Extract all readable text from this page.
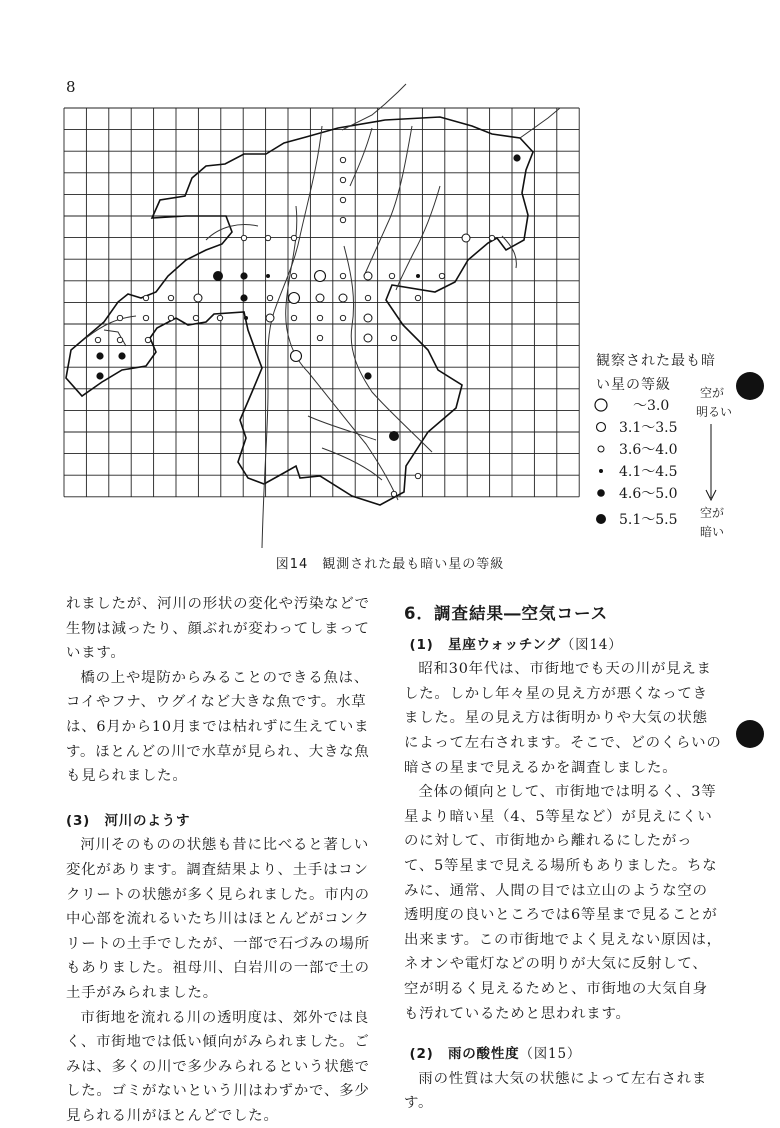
8
観察された最も暗
い星の等級
　～3.0
3.1～3.5
3.6～4.0
4.1～4.5
4.6～5.0
5.1～5.5
空が
明るい
空が
暗い
図14　観測された最も暗い星の等級

れましたが、河川の形状の変化や汚染などで生物は減ったり、顔ぶれが変わってしまっています。

橋の上や堤防からみることのできる魚は、コイやフナ、ウグイなど大きな魚です。水草は、6月から10月までは枯れずに生えています。ほとんどの川で水草が見られ、大きな魚も見られました。

(3)　 河川のようす

河川そのものの状態も昔に比べると著しい変化があります。調査結果より、土手はコンクリートの状態が多く見られました。市内の中心部を流れるいたち川はほとんどがコンクリートの土手でしたが、一部で石づみの場所もありました。祖母川、白岩川の一部で土の土手がみられました。

市街地を流れる川の透明度は、郊外では良く、市街地では低い傾向がみられました。ごみは、多くの川で多少みられるという状態でした。ゴミがないという川はわずかで、多少見られる川がほとんどでした。

6．調査結果―空気コース

(1)　 星座ウォッチング（図14）

昭和30年代は、市街地でも天の川が見えました。しかし年々星の見え方が悪くなってきました。星の見え方は街明かりや大気の状態によって左右されます。そこで、どのくらいの暗さの星まで見えるかを調査しました。

全体の傾向として、市街地では明るく、3等星より暗い星（4、5等星など）が見えにくいのに対して、市街地から離れるにしたがって、5等星まで見える場所もありました。ちなみに、通常、人間の目では立山のような空の透明度の良いところでは6等星まで見ることが出来ます。この市街地でよく見えない原因は，ネオンや電灯などの明りが大気に反射して、空が明るく見えるためと、市街地の大気自身も汚れているためと思われます。

(2)　 雨の酸性度（図15）

雨の性質は大気の状態によって左右されます。
